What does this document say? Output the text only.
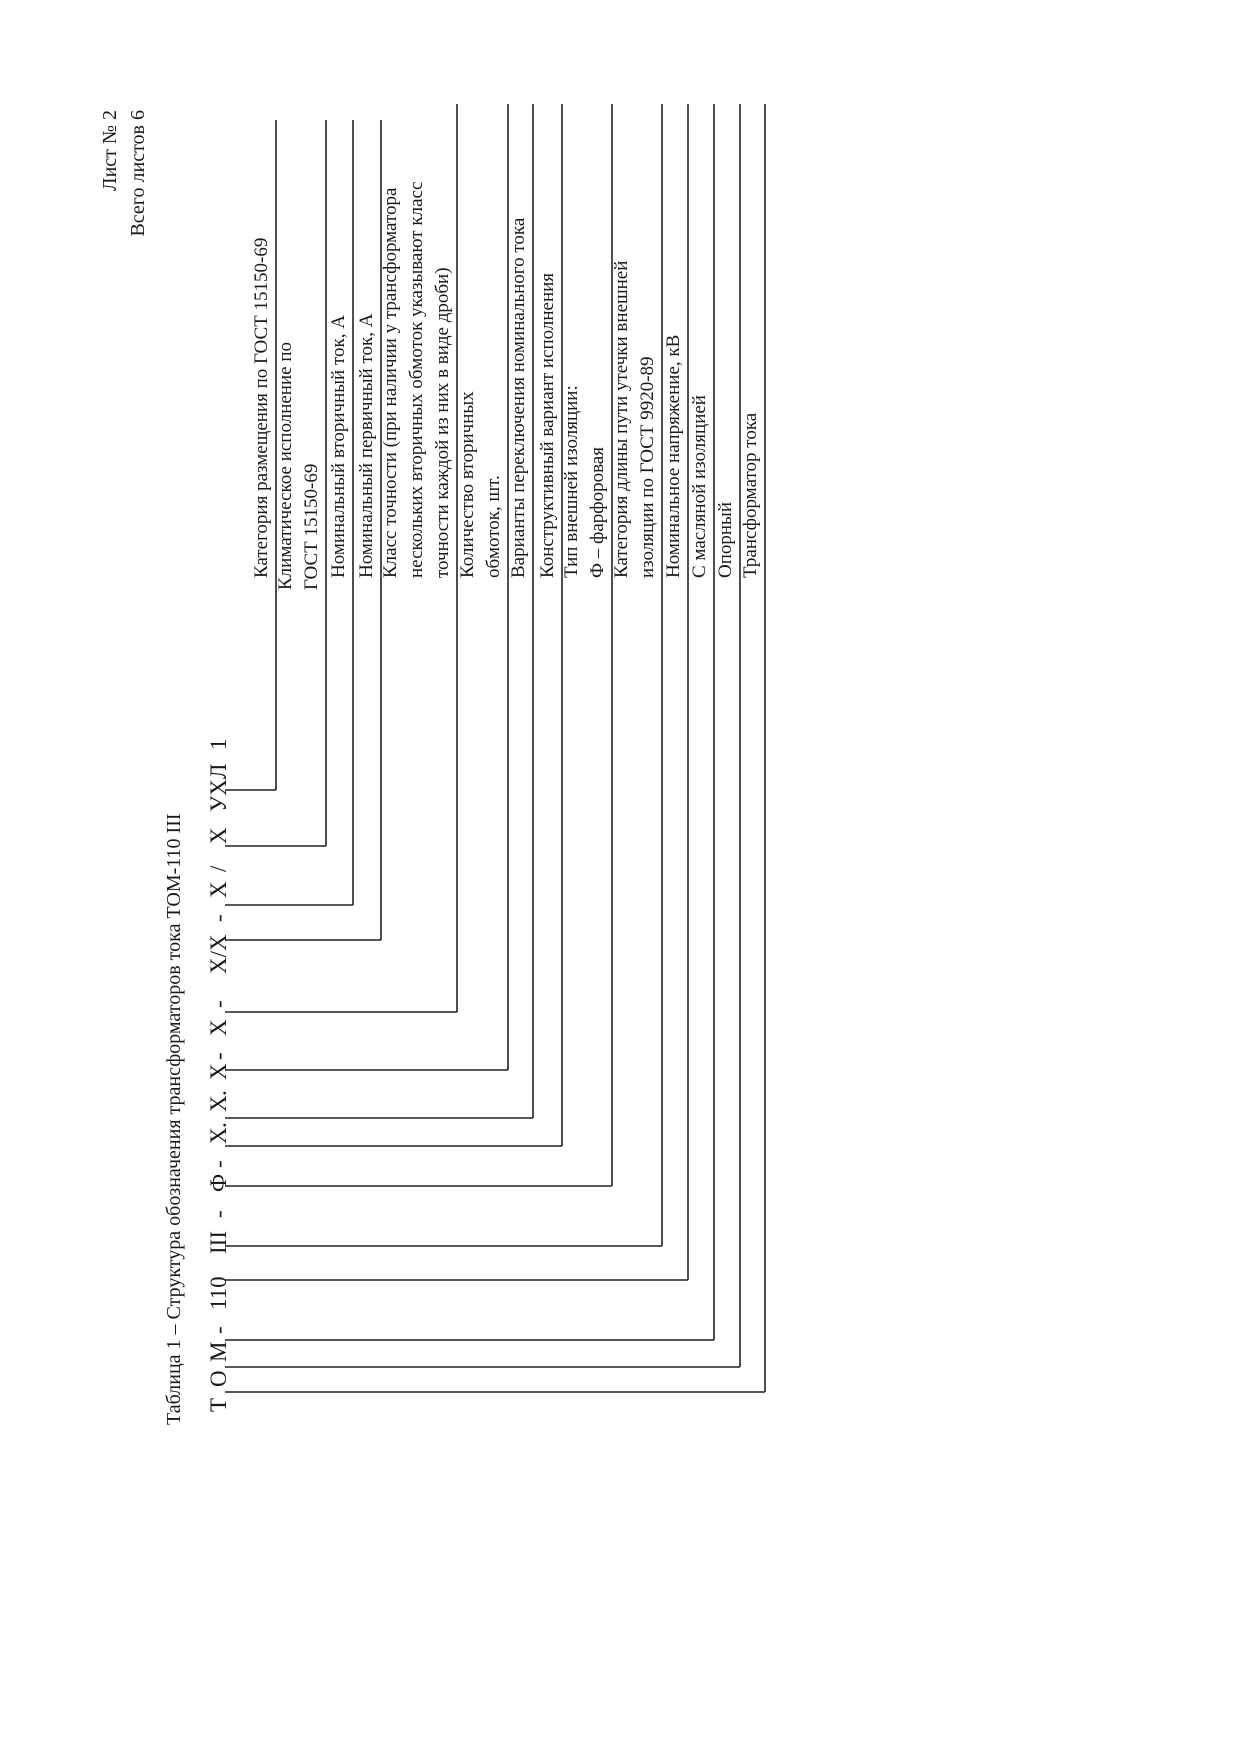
Лист № 2 Всего листов 6
Таблица 1 – Структура обозначения трансформаторов тока ТОМ-110 III Т
О
М
-
110
III
-
Ф
-
Х
.
Х
.
Х
-
Х
-
Х/Х
-
Х
/
Х
УХЛ
1
Категория размещения по ГОСТ 15150-69 Климатическое исполнение по ГОСТ 15150-69 Номинальный вторичный ток, А Номинальный первичный ток, А Класс точности (при наличии у трансформатора нескольких вторичных обмоток указывают класс точности каждой из них в виде дроби) Количество вторичных обмоток, шт. Варианты переключения номинального тока Конструктивный вариант исполнения Тип внешней изоляции: Ф – фарфоровая Категория длины пути утечки внешней изоляции по ГОСТ 9920-89 Номинальное напряжение, кВ С масляной изоляцией Опорный Трансформатор тока
